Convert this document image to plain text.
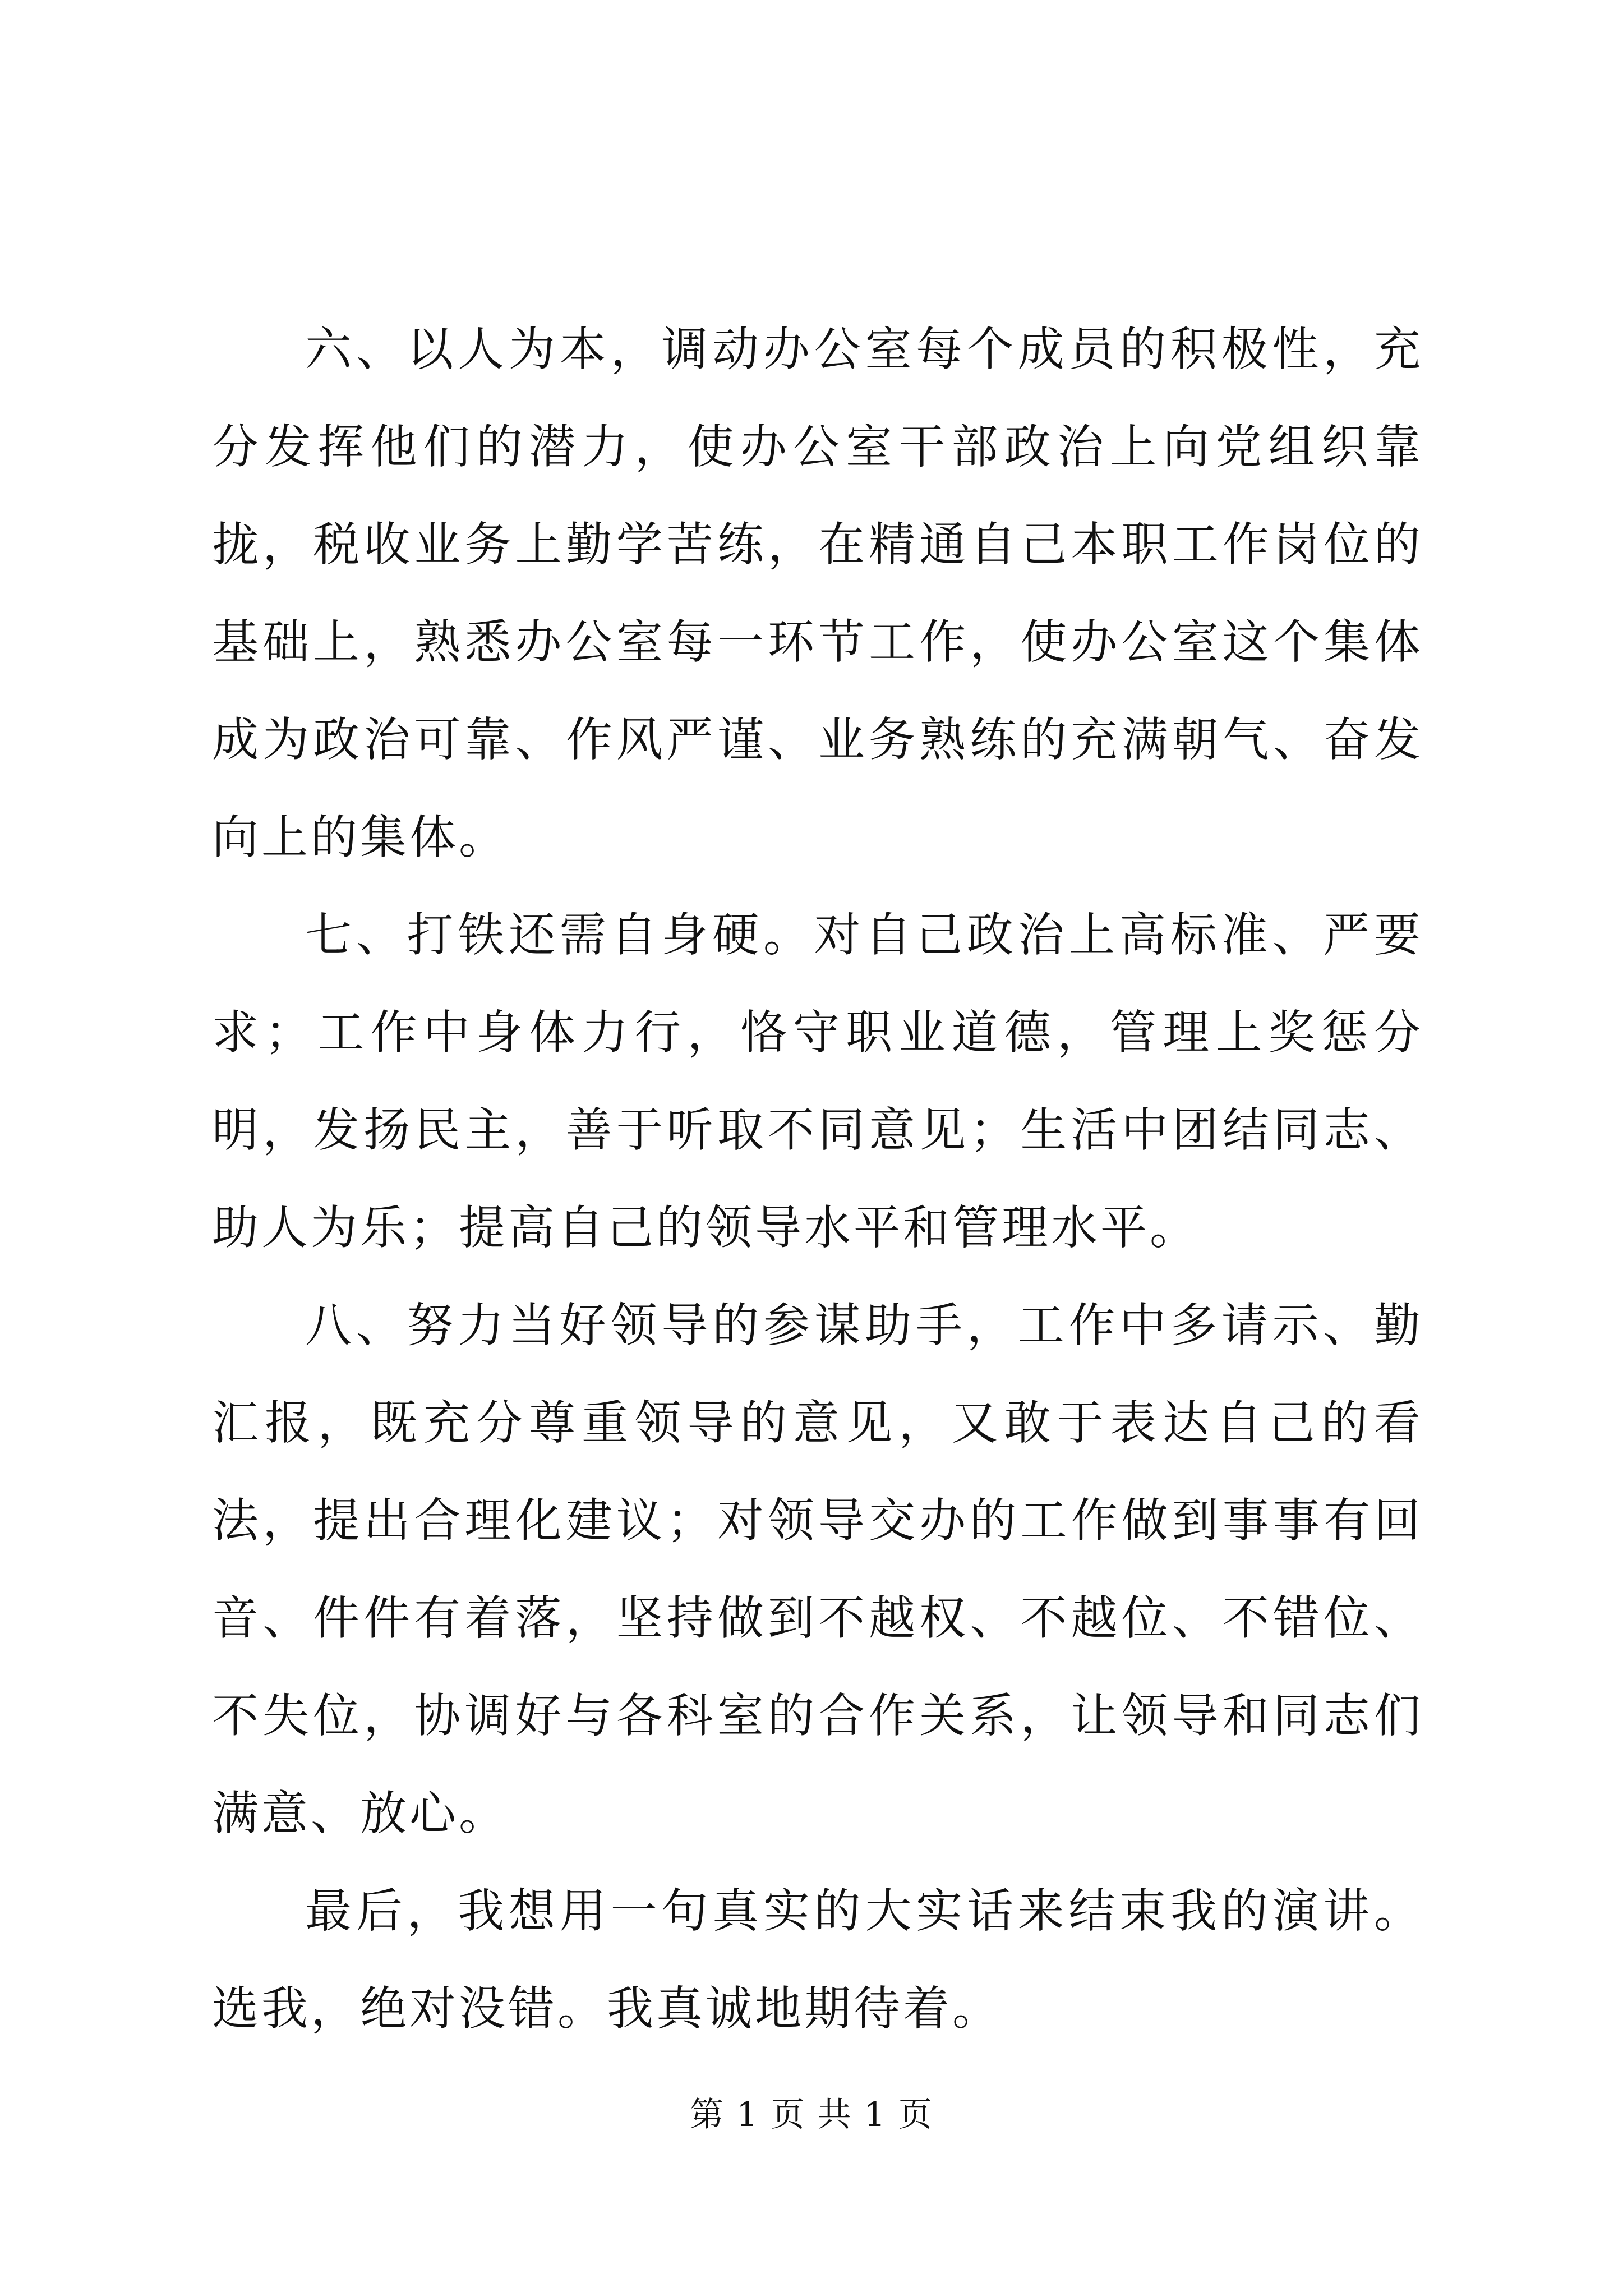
六、以人为本，调动办公室每个成员的积极性，充分发挥他们的潜力，使办公室干部政治上向党组织靠拢，税收业务上勤学苦练，在精通自己本职工作岗位的基础上，熟悉办公室每一环节工作，使办公室这个集体成为政治可靠、作风严谨、业务熟练的充满朝气、奋发向上的集体。

七、打铁还需自身硬。对自己政治上高标准、严要求；工作中身体力行，恪守职业道德，管理上奖惩分明，发扬民主，善于听取不同意见；生活中团结同志、助人为乐；提高自己的领导水平和管理水平。

八、努力当好领导的参谋助手，工作中多请示、勤汇报，既充分尊重领导的意见，又敢于表达自己的看法，提出合理化建议；对领导交办的工作做到事事有回音、件件有着落，坚持做到不越权、不越位、不错位、不失位，协调好与各科室的合作关系，让领导和同志们满意、放心。

最后，我想用一句真实的大实话来结束我的演讲。选我，绝对没错。我真诚地期待着。

第 1 页 共 1 页
